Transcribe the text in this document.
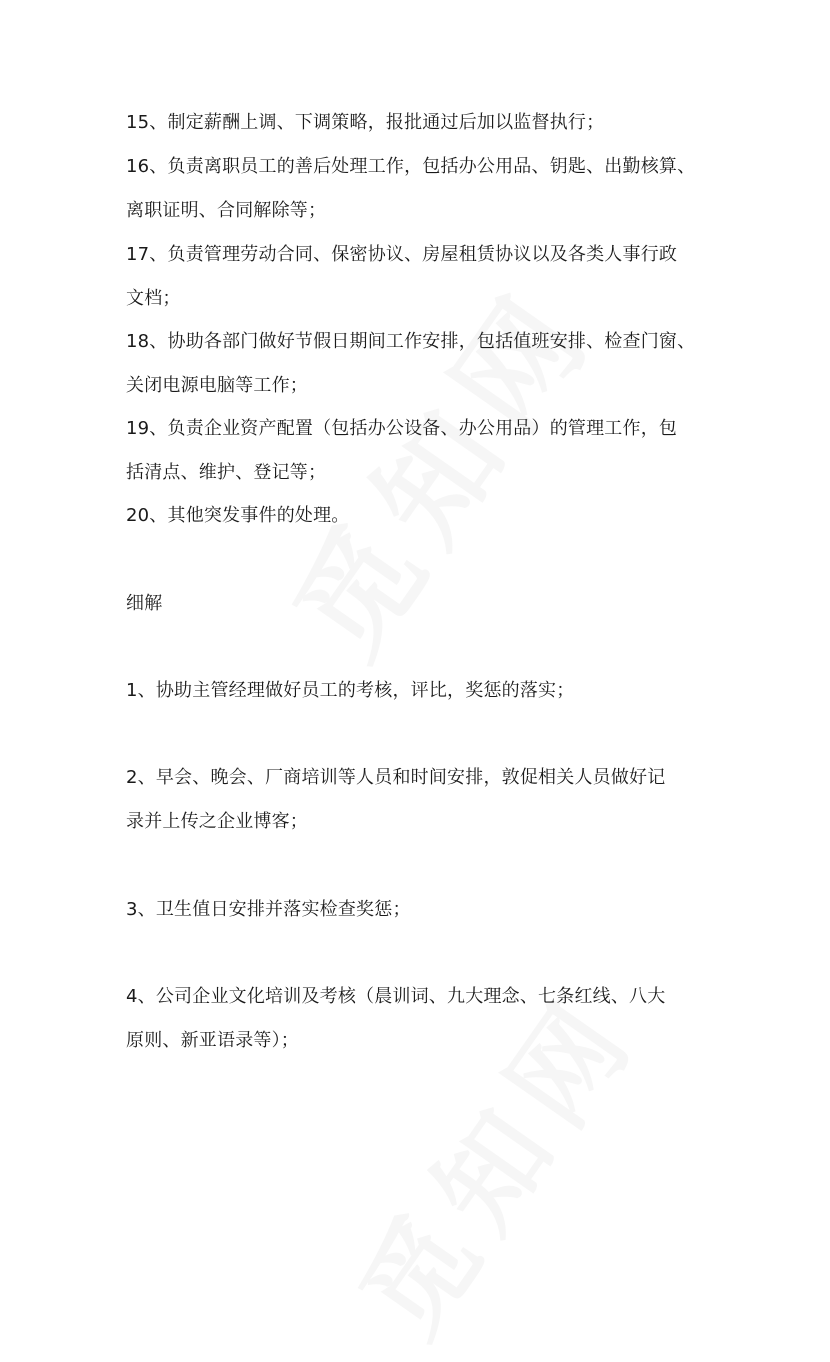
15、制定薪酬上调、下调策略，报批通过后加以监督执行；

16、负责离职员工的善后处理工作，包括办公用品、钥匙、出勤核算、
离职证明、合同解除等；

17、负责管理劳动合同、保密协议、房屋租赁协议以及各类人事行政
文档；

18、协助各部门做好节假日期间工作安排，包括值班安排、检查门窗、
关闭电源电脑等工作；

19、负责企业资产配置（包括办公设备、办公用品）的管理工作，包
括清点、维护、登记等；

20、其他突发事件的处理。

细解

1、协助主管经理做好员工的考核，评比，奖惩的落实；

2、早会、晚会、厂商培训等人员和时间安排，敦促相关人员做好记
录并上传之企业博客；

3、卫生值日安排并落实检查奖惩；

4、公司企业文化培训及考核（晨训词、九大理念、七条红线、八大
原则、新亚语录等）；
